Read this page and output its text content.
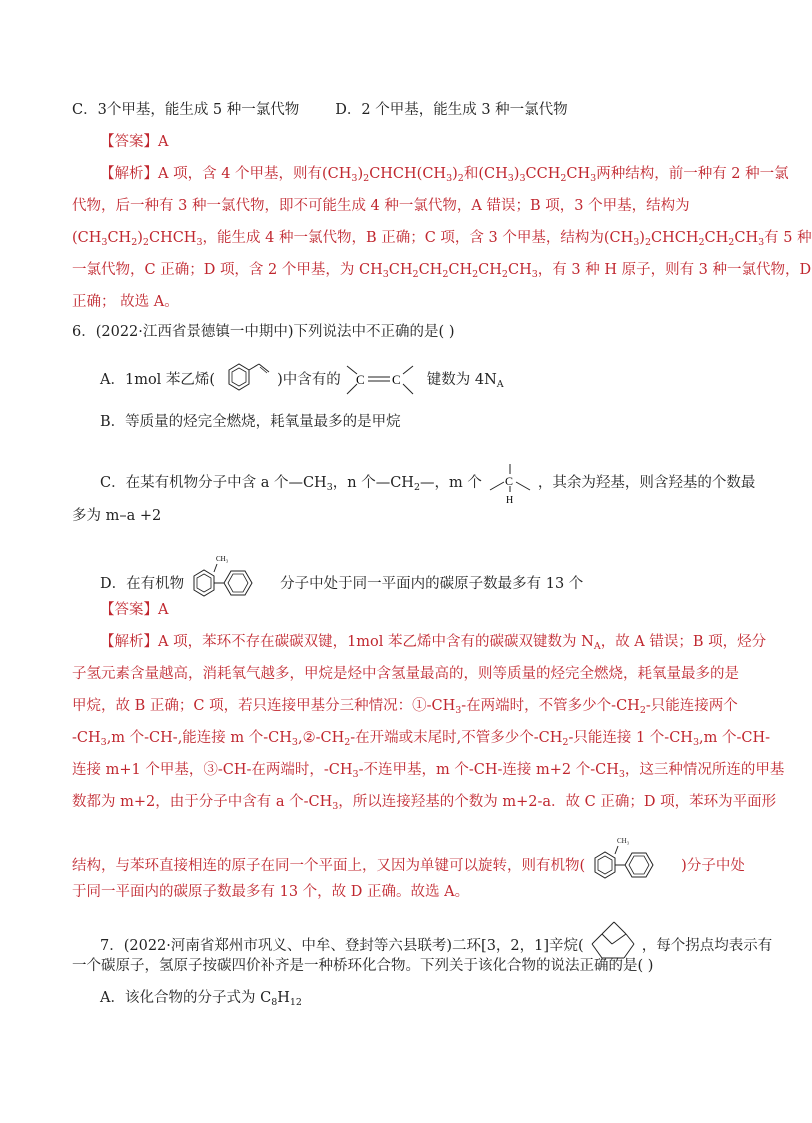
C．3个甲基，能生成 5 种一氯代物 D．2 个甲基，能生成 3 种一氯代物
【答案】A
【解析】A 项，含 4 个甲基，则有$(CH_3)_2CHCH(CH_3)_2$和$(CH_3)_3CCH_2CH_3$两种结构，前一种有 2 种一氯
代物，后一种有 3 种一氯代物，即不可能生成 4 种一氯代物，A 错误；B 项，3 个甲基，结构为
$(CH_3CH_2)_2CHCH_3$，能生成 4 种一氯代物，B 正确；C 项，含 3 个甲基，结构为$(CH_3)_2CHCH_2CH_2CH_3$有 5 种
一氯代物，C 正确；D 项，含 2 个甲基，为 $CH_3CH_2CH_2CH_2CH_2CH_3$，有 3 种 H 原子，则有 3 种一氯代物，D
正确； 故选 A。
6．(2022·江西省景德镇一中期中)下列说法中不正确的是( )
A．1mol 苯乙烯(	)中含有的 C C 键数为 $4N_A$
B．等质量的烃完全燃烧，耗氧量最多的是甲烷
C．在某有机物分子中含 a 个$—CH_3$，n 个$—CH_2—$，m 个 C
H
，其余为羟基，则含羟基的个数最
多为 m–a +2
D．在有机物
CH₃
分子中处于同一平面内的碳原子数最多有 13 个
【答案】A
【解析】A 项，苯环不存在碳碳双键，1mol 苯乙烯中含有的碳碳双键数为 $N_A$，故 A 错误；B 项，烃分
子氢元素含量越高，消耗氧气越多，甲烷是烃中含氢量最高的，则等质量的烃完全燃烧，耗氧量最多的是
甲烷，故 B 正确；C 项，若只连接甲基分三种情况：$①-CH_3-$在两端时，不管多少个$-CH_2-$只能连接两个
$-CH_3,m$ 个-CH-,能连接 m 个$-CH_3,②-CH_2-$在开端或末尾时,不管多少个$-CH_2-$只能连接 1 个$-CH_3,m$ 个-CH-
连接 m+1 个甲基，③-CH-在两端时，$-CH_3-$不连甲基，m 个-CH-连接 m+2 个$-CH_3$，这三种情况所连的甲基
数都为 m+2，由于分子中含有 a 个$-CH_3$，所以连接羟基的个数为 m+2-a．故 C 正确；D 项，苯环为平面形
结构，与苯环直接相连的原子在同一个平面上，又因为单键可以旋转，则有机物(
CH₃
)分子中处
于同一平面内的碳原子数最多有 13 个，故 D 正确。故选 A。
7．(2022·河南省郑州市巩义、中牟、登封等六县联考)二环[3，2，1]辛烷(	，每个拐点均表示有
一个碳原子，氢原子按碳四价补齐是一种桥环化合物。下列关于该化合物的说法正确的是( )
A．该化合物的分子式为 $C_8H_{12}$
